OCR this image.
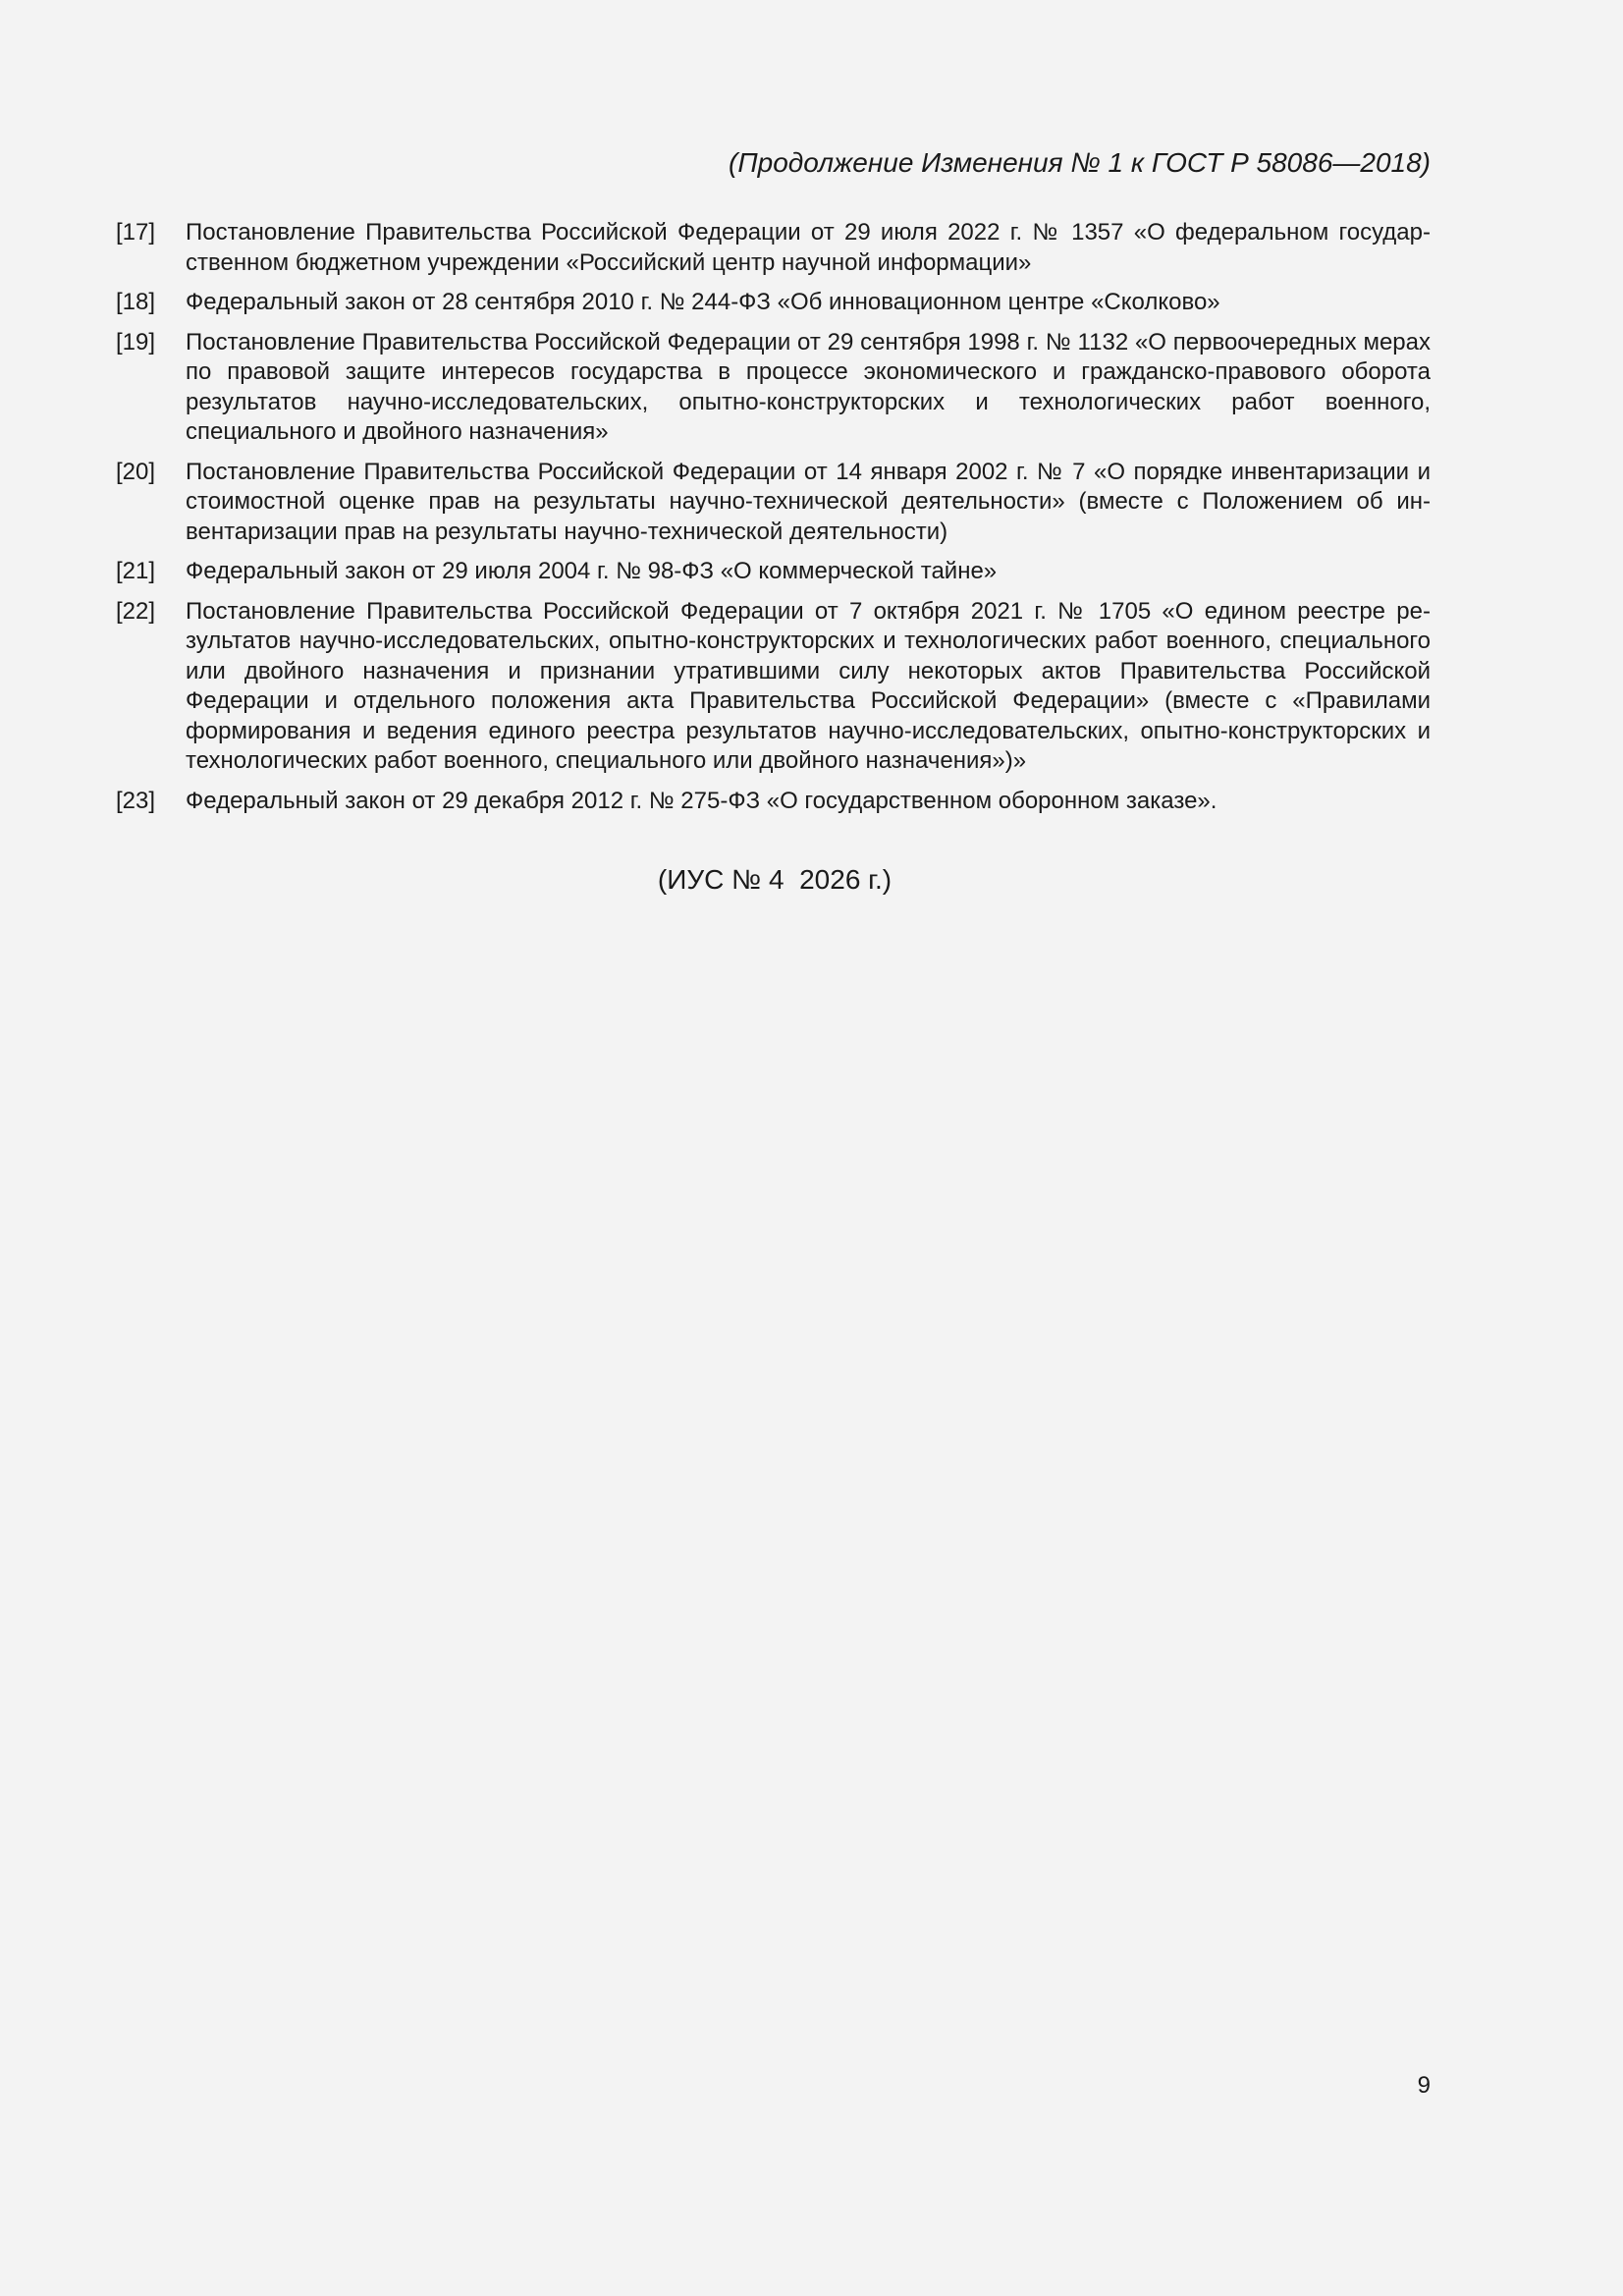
(Продолжение Изменения № 1 к ГОСТ Р 58086—2018)
[17]	Постановление Правительства Российской Федерации от 29 июля 2022 г. № 1357 «О федеральном государственном бюджетном учреждении «Российский центр научной информации»
[18]	Федеральный закон от 28 сентября 2010 г. № 244-ФЗ «Об инновационном центре «Сколково»
[19]	Постановление Правительства Российской Федерации от 29 сентября 1998 г. № 1132 «О первоочередных мерах по правовой защите интересов государства в процессе экономического и гражданско-правового оборота результатов научно-исследовательских, опытно-конструкторских и технологических работ военного, специального и двойного назначения»
[20]	Постановление Правительства Российской Федерации от 14 января 2002 г. № 7 «О порядке инвентаризации и стоимостной оценке прав на результаты научно-технической деятельности» (вместе с Положением об инвентаризации прав на результаты научно-технической деятельности)
[21]	Федеральный закон от 29 июля 2004 г. № 98-ФЗ «О коммерческой тайне»
[22]	Постановление Правительства Российской Федерации от 7 октября 2021 г. № 1705 «О едином реестре результатов научно-исследовательских, опытно-конструкторских и технологических работ военного, специального или двойного назначения и признании утратившими силу некоторых актов Правительства Российской Федерации и отдельного положения акта Правительства Российской Федерации» (вместе с «Правилами формирования и ведения единого реестра результатов научно-исследовательских, опытно-конструкторских и технологических работ военного, специального или двойного назначения»)»
[23]	Федеральный закон от 29 декабря 2012 г. № 275-ФЗ «О государственном оборонном заказе».
(ИУС № 4  2026 г.)
9
